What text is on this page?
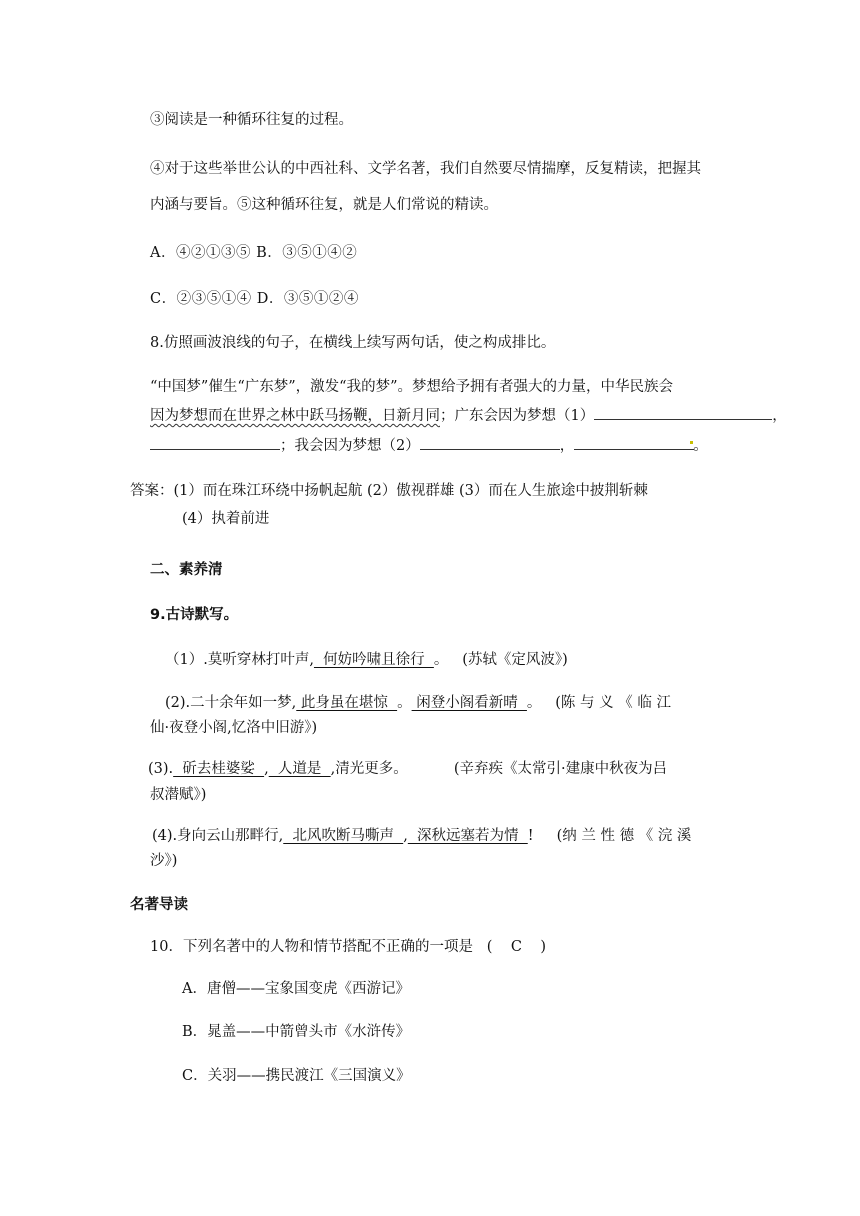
③阅读是一种循环往复的过程。
④对于这些举世公认的中西社科、文学名著，我们自然要尽情揣摩，反复精读，把握其
内涵与要旨。⑤这种循环往复，就是人们常说的精读。
A．④②①③⑤ B．③⑤①④②
C．②③⑤①④ D．③⑤①②④
8.仿照画波浪线的句子，在横线上续写两句话，使之构成排比。
“中国梦”催生“广东梦”，激发“我的梦”。梦想给予拥有者强大的力量，中华民族会
因为梦想而在世界之林中跃马扬鞭，日新月同；广东会因为梦想（1）	，
；我会因为梦想（2）	，	。
答案：(1）而在珠江环绕中扬帆起航 (2）傲视群雄 (3）而在人生旅途中披荆斩棘
(4）执着前进
二、素养清
9.古诗默写。
（1）.莫听穿林打叶声,  何妨吟啸且徐行  。   (苏轼《定风波》)
(2).二十余年如一梦, 此身虽在堪惊  。 闲登小阁看新晴  。   (陈 与 义 《 临 江
仙·夜登小阁,忆洛中旧游》)
(3).  斫去桂婆娑  ,  人道是  ,清光更多。          (辛弃疾《太常引·建康中秋夜为吕
叔潜赋》)
(4).身向云山那畔行,  北风吹断马嘶声  ,  深秋远塞若为情  !     (纳 兰 性 德 《 浣 溪
沙》)
名著导读
10．下列名著中的人物和情节搭配不正确的一项是   (    C    )
A．唐僧——宝象国变虎《西游记》
B．晁盖——中箭曾头市《水浒传》
C．关羽——携民渡江《三国演义》
